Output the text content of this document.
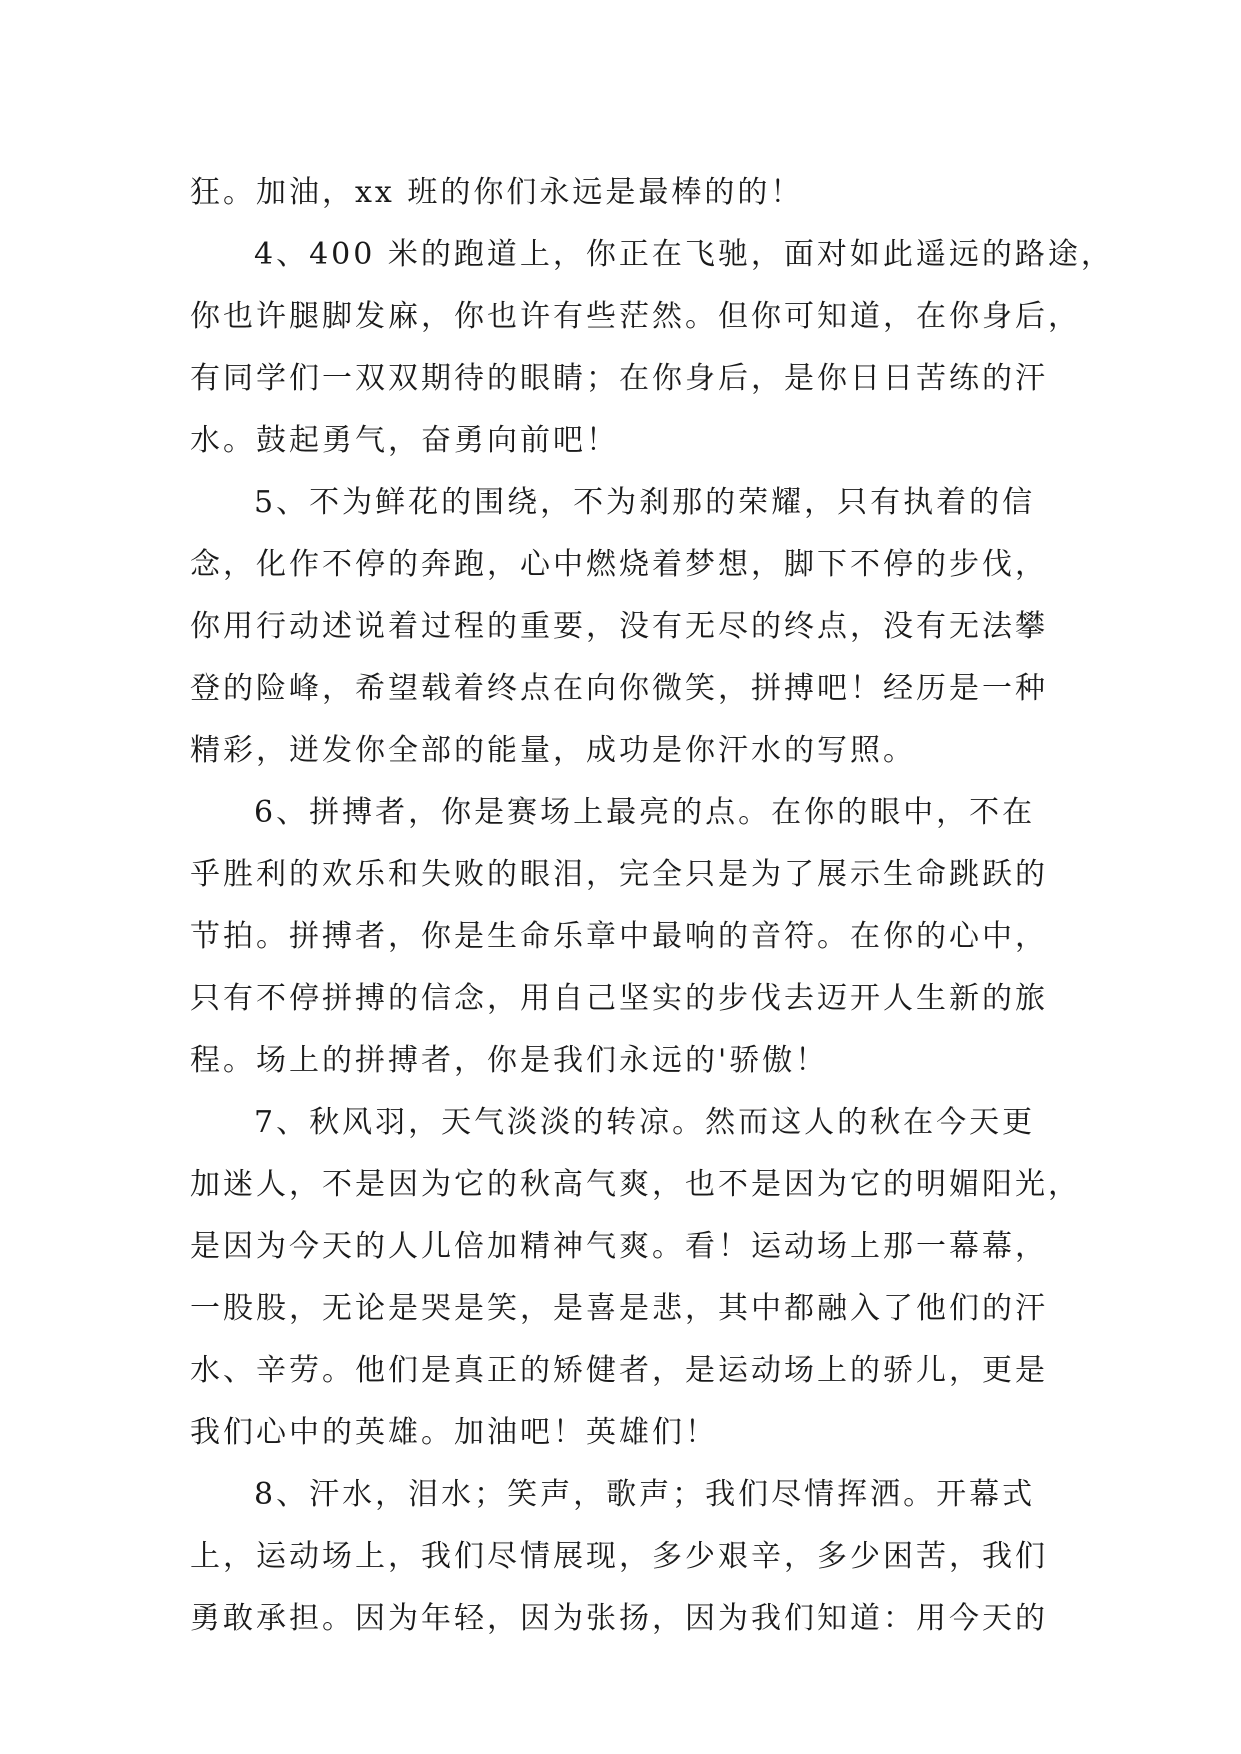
狂。加油，xx 班的你们永远是最棒的的！
4、400 米的跑道上，你正在飞驰，面对如此遥远的路途，
你也许腿脚发麻，你也许有些茫然。但你可知道，在你身后，
有同学们一双双期待的眼睛；在你身后，是你日日苦练的汗
水。鼓起勇气，奋勇向前吧！
5、不为鲜花的围绕，不为刹那的荣耀，只有执着的信
念，化作不停的奔跑，心中燃烧着梦想，脚下不停的步伐，
你用行动述说着过程的重要，没有无尽的终点，没有无法攀
登的险峰，希望载着终点在向你微笑，拼搏吧！经历是一种
精彩，迸发你全部的能量，成功是你汗水的写照。
6、拼搏者，你是赛场上最亮的点。在你的眼中，不在
乎胜利的欢乐和失败的眼泪，完全只是为了展示生命跳跃的
节拍。拼搏者，你是生命乐章中最响的音符。在你的心中，
只有不停拼搏的信念，用自己坚实的步伐去迈开人生新的旅
程。场上的拼搏者，你是我们永远的'骄傲！
7、秋风羽，天气淡淡的转凉。然而这人的秋在今天更
加迷人，不是因为它的秋高气爽，也不是因为它的明媚阳光，
是因为今天的人儿倍加精神气爽。看！运动场上那一幕幕，
一股股，无论是哭是笑，是喜是悲，其中都融入了他们的汗
水、辛劳。他们是真正的矫健者，是运动场上的骄儿，更是
我们心中的英雄。加油吧！英雄们！
8、汗水，泪水；笑声，歌声；我们尽情挥洒。开幕式
上，运动场上，我们尽情展现，多少艰辛，多少困苦，我们
勇敢承担。因为年轻，因为张扬，因为我们知道：用今天的
